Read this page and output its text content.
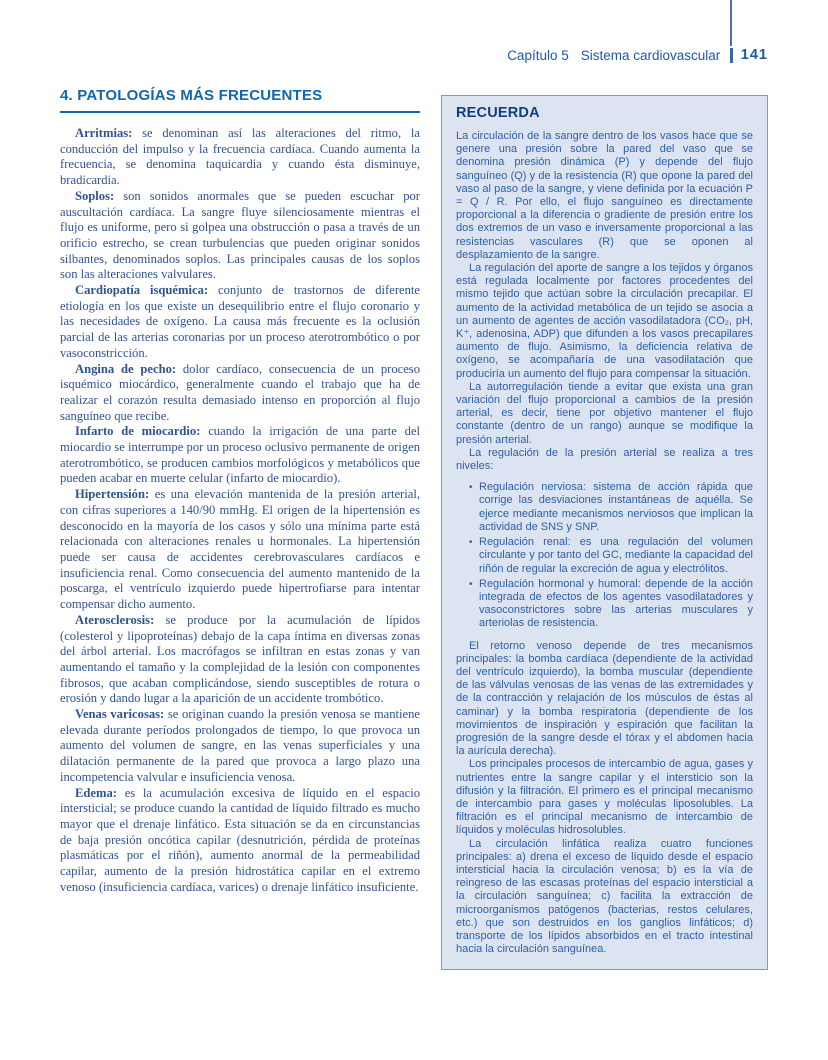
Capítulo 5 Sistema cardiovascular 141
4. PATOLOGÍAS MÁS FRECUENTES

Arritmias: se denominan así las alteraciones del ritmo, la conducción del impulso y la frecuencia cardíaca. Cuando aumenta la frecuencia, se denomina taquicardia y cuando ésta disminuye, bradicardia.

Soplos: son sonidos anormales que se pueden escuchar por auscultación cardíaca. La sangre fluye silenciosamente mientras el flujo es uniforme, pero si golpea una obstrucción o pasa a través de un orificio estrecho, se crean turbulencias que pueden originar sonidos silbantes, denominados soplos. Las principales causas de los soplos son las alteraciones valvulares.

Cardiopatía isquémica: conjunto de trastornos de diferente etiología en los que existe un desequilibrio entre el flujo coronario y las necesidades de oxígeno. La causa más frecuente es la oclusión parcial de las arterias coronarias por un proceso aterotrombótico o por vasoconstricción.

Angina de pecho: dolor cardíaco, consecuencia de un proceso isquémico miocárdico, generalmente cuando el trabajo que ha de realizar el corazón resulta demasiado intenso en proporción al flujo sanguíneo que recibe.

Infarto de miocardio: cuando la irrigación de una parte del miocardio se interrumpe por un proceso oclusivo permanente de origen aterotrombótico, se producen cambios morfológicos y metabólicos que pueden acabar en muerte celular (infarto de miocardio).

Hipertensión: es una elevación mantenida de la presión arterial, con cifras superiores a 140/90 mmHg. El origen de la hipertensión es desconocido en la mayoría de los casos y sólo una mínima parte está relacionada con alteraciones renales u hormonales. La hipertensión puede ser causa de accidentes cerebrovasculares cardíacos e insuficiencia renal. Como consecuencia del aumento mantenido de la poscarga, el ventrículo izquierdo puede hipertrofiarse para intentar compensar dicho aumento.

Aterosclerosis: se produce por la acumulación de lípidos (colesterol y lipoproteínas) debajo de la capa íntima en diversas zonas del árbol arterial. Los macrófagos se infiltran en estas zonas y van aumentando el tamaño y la complejidad de la lesión con componentes fibrosos, que acaban complicándose, siendo susceptibles de rotura o erosión y dando lugar a la aparición de un accidente trombótico.

Venas varicosas: se originan cuando la presión venosa se mantiene elevada durante períodos prolongados de tiempo, lo que provoca un aumento del volumen de sangre, en las venas superficiales y una dilatación permanente de la pared que provoca a largo plazo una incompetencia valvular e insuficiencia venosa.

Edema: es la acumulación excesiva de líquido en el espacio intersticial; se produce cuando la cantidad de líquido filtrado es mucho mayor que el drenaje linfático. Esta situación se da en circunstancias de baja presión oncótica capilar (desnutrición, pérdida de proteínas plasmáticas por el riñón), aumento anormal de la permeabilidad capilar, aumento de la presión hidrostática capilar en el extremo venoso (insuficiencia cardíaca, varices) o drenaje linfático insuficiente.

RECUERDA

La circulación de la sangre dentro de los vasos hace que se genere una presión sobre la pared del vaso que se denomina presión dinámica (P) y depende del flujo sanguíneo (Q) y de la resistencia (R) que opone la pared del vaso al paso de la sangre, y viene definida por la ecuación P = Q / R. Por ello, el flujo sanguíneo es directamente proporcional a la diferencia o gradiente de presión entre los dos extremos de un vaso e inversamente proporcional a las resistencias vasculares (R) que se oponen al desplazamiento de la sangre.

La regulación del aporte de sangre a los tejidos y órganos está regulada localmente por factores procedentes del mismo tejido que actúan sobre la circulación precapilar. El aumento de la actividad metabólica de un tejido se asocia a un aumento de agentes de acción vasodilatadora (CO₂, pH, K⁺, adenosina, ADP) que difunden a los vasos precapilares aumento de flujo. Asimismo, la deficiencia relativa de oxígeno, se acompañaría de una vasodilatación que produciría un aumento del flujo para compensar la situación.

La autorregulación tiende a evitar que exista una gran variación del flujo proporcional a cambios de la presión arterial, es decir, tiene por objetivo mantener el flujo constante (dentro de un rango) aunque se modifique la presión arterial.

La regulación de la presión arterial se realiza a tres niveles:

• Regulación nerviosa: sistema de acción rápida que corrige las desviaciones instantáneas de aquélla. Se ejerce mediante mecanismos nerviosos que implican la actividad de SNS y SNP.
• Regulación renal: es una regulación del volumen circulante y por tanto del GC, mediante la capacidad del riñón de regular la excreción de agua y electrólitos.
• Regulación hormonal y humoral: depende de la acción integrada de efectos de los agentes vasodilatadores y vasoconstrictores sobre las arterias musculares y arteriolas de resistencia.

El retorno venoso depende de tres mecanismos principales: la bomba cardíaca (dependiente de la actividad del ventrículo izquierdo), la bomba muscular (dependiente de las válvulas venosas de las venas de las extremidades y de la contracción y relajación de los músculos de éstas al caminar) y la bomba respiratoria (dependiente de los movimientos de inspiración y espiración que facilitan la progresión de la sangre desde el tórax y el abdomen hacia la aurícula derecha).

Los principales procesos de intercambio de agua, gases y nutrientes entre la sangre capilar y el intersticio son la difusión y la filtración. El primero es el principal mecanismo de intercambio para gases y moléculas liposolubles. La filtración es el principal mecanismo de intercambio de líquidos y moléculas hidrosolubles.

La circulación linfática realiza cuatro funciones principales: a) drena el exceso de líquido desde el espacio intersticial hacia la circulación venosa; b) es la vía de reingreso de las escasas proteínas del espacio intersticial a la circulación sanguínea; c) facilita la extracción de microorganismos patógenos (bacterias, restos celulares, etc.) que son destruidos en los ganglios linfáticos; d) transporte de los lípidos absorbidos en el tracto intestinal hacia la circulación sanguínea.
